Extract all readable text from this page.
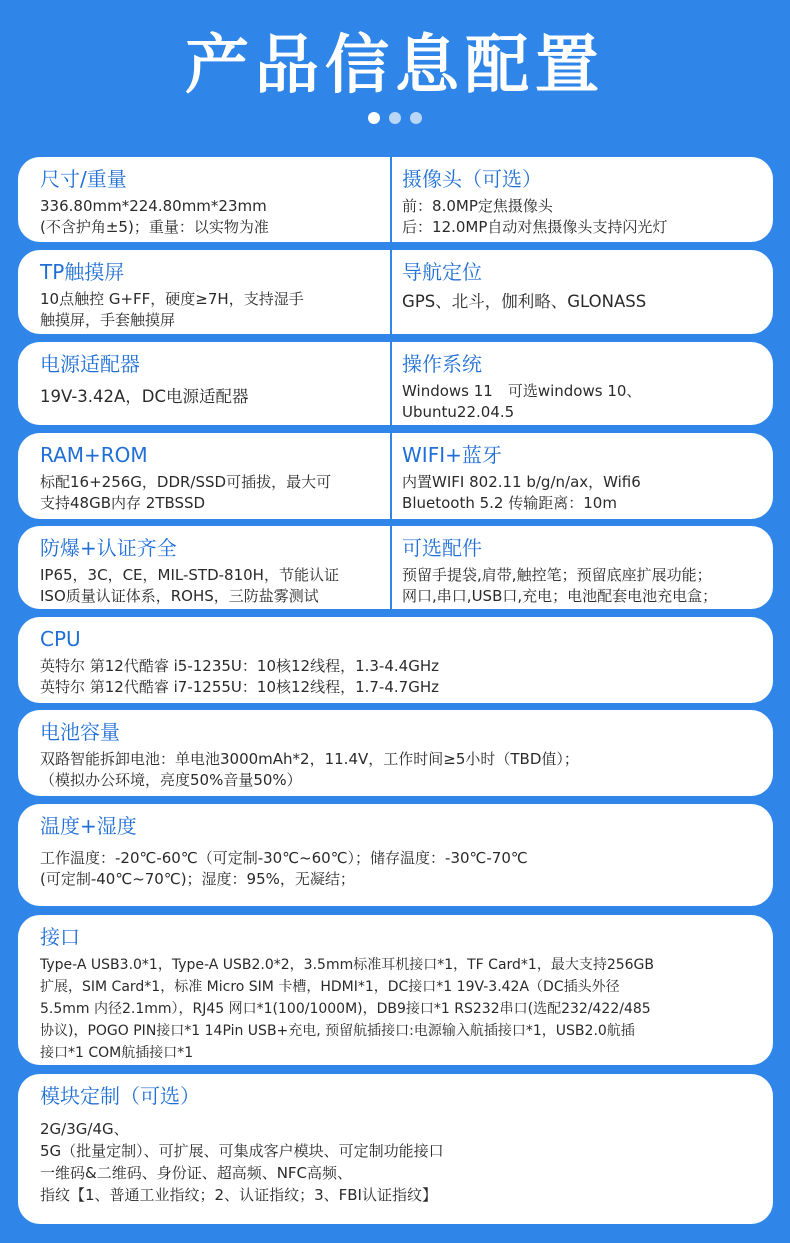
产品信息配置
尺寸/重量
336.80mm*224.80mm*23mm
(不含护角±5)；重量：以实物为准
摄像头（可选）
前：8.0MP定焦摄像头
后：12.0MP自动对焦摄像头支持闪光灯
TP触摸屏
10点触控 G+FF，硬度≥7H，支持湿手
触摸屏，手套触摸屏
导航定位
GPS、北斗，伽利略、GLONASS
电源适配器
19V-3.42A，DC电源适配器
操作系统
Windows 11　可选windows 10、
Ubuntu22.04.5
RAM+ROM
标配16+256G，DDR/SSD可插拔，最大可
支持48GB内存 2TBSSD
WIFI+蓝牙
内置WIFI 802.11 b/g/n/ax，Wifi6
Bluetooth 5.2 传输距离：10m
防爆+认证齐全
IP65，3C，CE，MIL-STD-810H，节能认证
ISO质量认证体系，ROHS，三防盐雾测试
可选配件
预留手提袋,肩带,触控笔；预留底座扩展功能；
网口,串口,USB口,充电；电池配套电池充电盒；
CPU
英特尔 第12代酷睿 i5-1235U：10核12线程，1.3-4.4GHz
英特尔 第12代酷睿 i7-1255U：10核12线程，1.7-4.7GHz
电池容量
双路智能拆卸电池：单电池3000mAh*2，11.4V，工作时间≥5小时（TBD值）；
（模拟办公环境，亮度50%音量50%）
温度+湿度
工作温度：-20℃-60℃（可定制-30℃~60℃）；储存温度：-30℃-70℃
(可定制-40℃~70℃)；湿度：95%，无凝结；
接口
Type-A USB3.0*1，Type-A USB2.0*2，3.5mm标准耳机接口*1，TF Card*1，最大支持256GB
扩展，SIM Card*1，标准 Micro SIM 卡槽，HDMI*1，DC接口*1 19V-3.42A（DC插头外径
5.5mm 内径2.1mm），RJ45 网口*1(100/1000M)，DB9接口*1 RS232串口(选配232/422/485
协议)，POGO PIN接口*1 14Pin USB+充电, 预留航插接口:电源输入航插接口*1，USB2.0航插
接口*1 COM航插接口*1
模块定制（可选）
2G/3G/4G、
5G（批量定制）、可扩展、可集成客户模块、可定制功能接口
一维码&二维码、身份证、超高频、NFC高频、
指纹【1、普通工业指纹；2、认证指纹；3、FBI认证指纹】
